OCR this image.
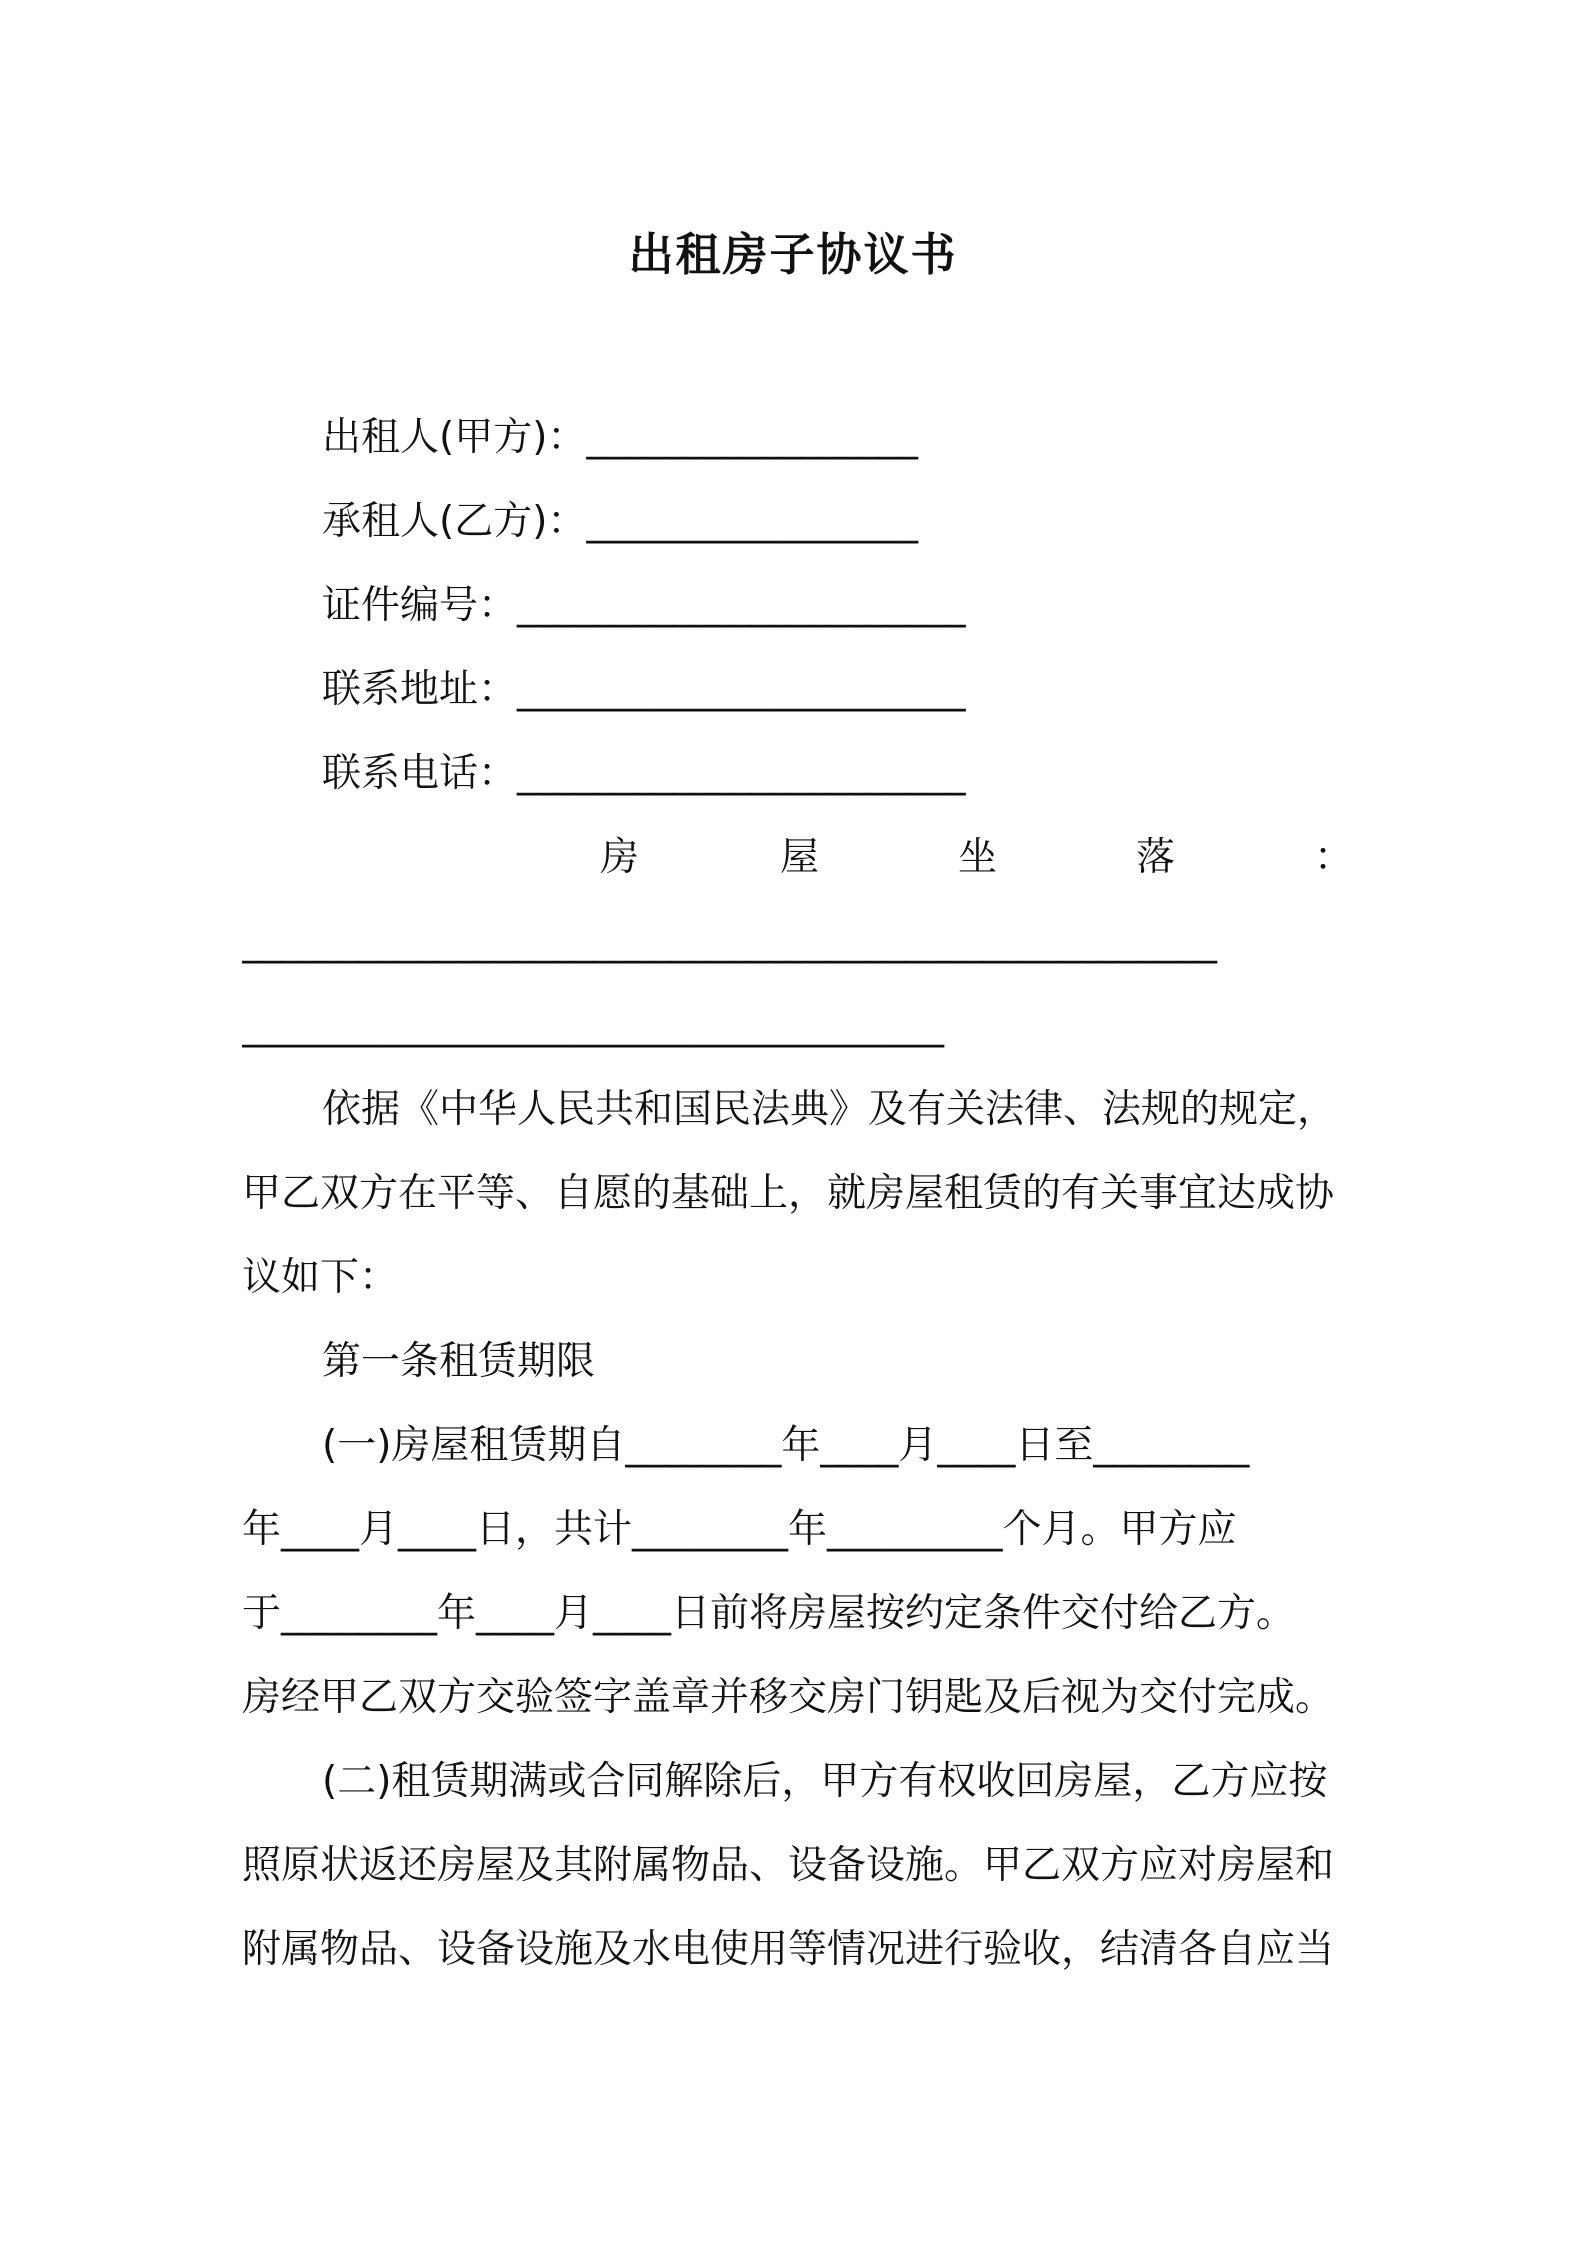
出租房子协议书
出租人(甲方)：_________________
承租人(乙方)：_________________
证件编号：_______________________
联系地址：_______________________
联系电话：_______________________
房	屋	坐	落	：
__________________________________________________
____________________________________
依据《中华人民共和国民法典》及有关法律、法规的规定，
甲乙双方在平等、自愿的基础上，就房屋租赁的有关事宜达成协
议如下：
第一条租赁期限
(一)房屋租赁期自________年____月____日至________
年____月____日，共计________年_________个月。甲方应
于________年____月____日前将房屋按约定条件交付给乙方。
房经甲乙双方交验签字盖章并移交房门钥匙及后视为交付完成。
(二)租赁期满或合同解除后，甲方有权收回房屋，乙方应按
照原状返还房屋及其附属物品、设备设施。甲乙双方应对房屋和
附属物品、设备设施及水电使用等情况进行验收，结清各自应当
